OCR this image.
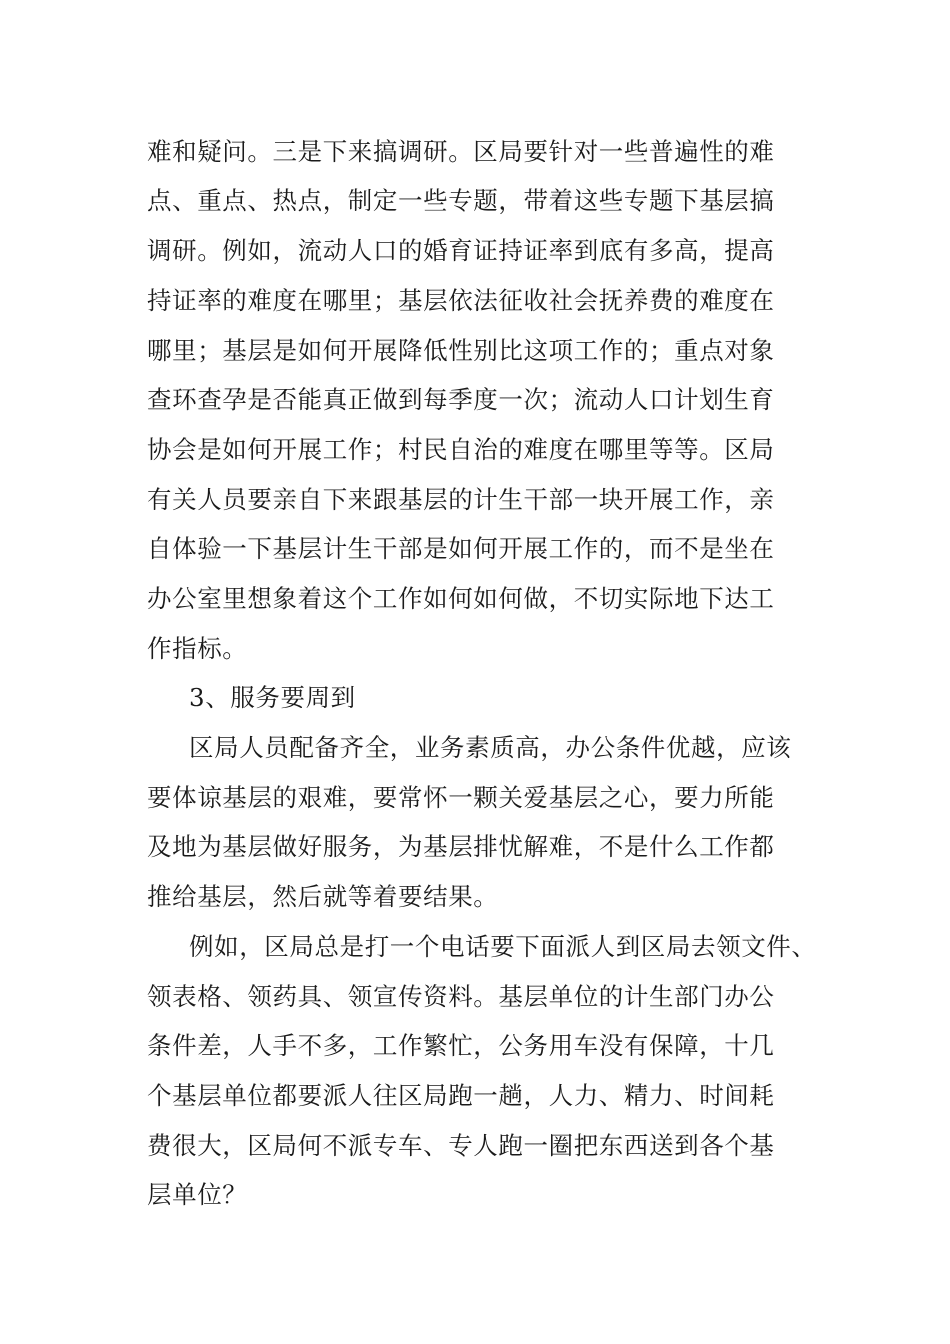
难和疑问。三是下来搞调研。区局要针对一些普遍性的难
点、重点、热点，制定一些专题，带着这些专题下基层搞
调研。例如，流动人口的婚育证持证率到底有多高，提高
持证率的难度在哪里；基层依法征收社会抚养费的难度在
哪里；基层是如何开展降低性别比这项工作的；重点对象
查环查孕是否能真正做到每季度一次；流动人口计划生育
协会是如何开展工作；村民自治的难度在哪里等等。区局
有关人员要亲自下来跟基层的计生干部一块开展工作，亲
自体验一下基层计生干部是如何开展工作的，而不是坐在
办公室里想象着这个工作如何如何做，不切实际地下达工
作指标。
3、服务要周到
区局人员配备齐全，业务素质高，办公条件优越，应该
要体谅基层的艰难，要常怀一颗关爱基层之心，要力所能
及地为基层做好服务，为基层排忧解难，不是什么工作都
推给基层，然后就等着要结果。
例如，区局总是打一个电话要下面派人到区局去领文件、
领表格、领药具、领宣传资料。基层单位的计生部门办公
条件差，人手不多，工作繁忙，公务用车没有保障，十几
个基层单位都要派人往区局跑一趟，人力、精力、时间耗
费很大，区局何不派专车、专人跑一圈把东西送到各个基
层单位？
